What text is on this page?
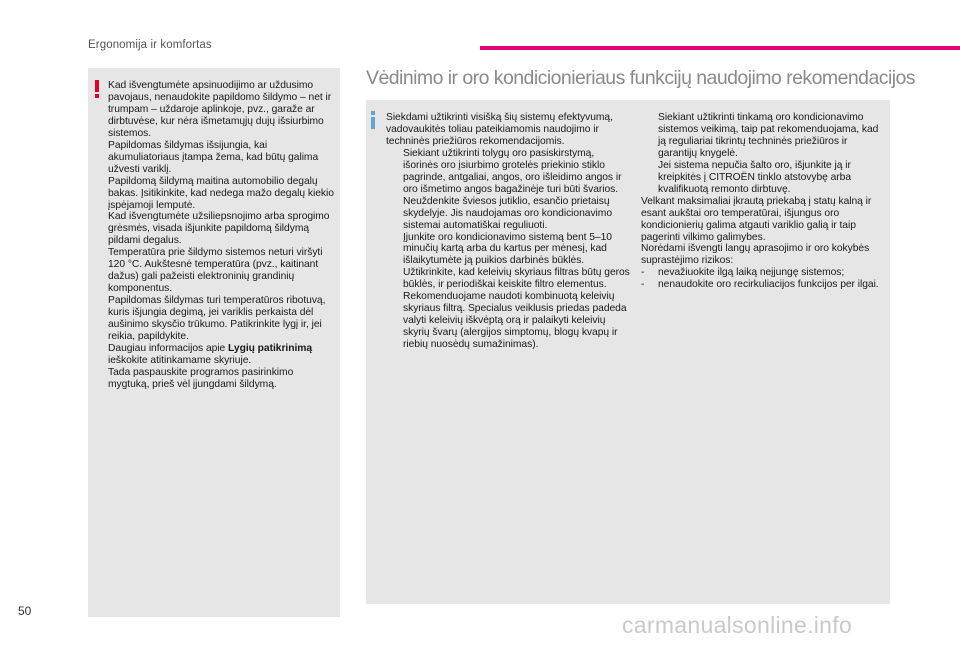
Ergonomija ir komfortas

Kad išvengtumėte apsinuodijimo ar uždusimo pavojaus, nenaudokite papildomo šildymo – net ir trumpam – uždaroje aplinkoje, pvz., garaže ar dirbtuvėse, kur nėra išmetamųjų dujų išsiurbimo sistemos.

Papildomas šildymas išsijungia, kai akumuliatoriaus įtampa žema, kad būtų galima užvesti variklį.

Papildomą šildymą maitina automobilio degalų bakas. Įsitikinkite, kad nedega mažo degalų kiekio įspėjamoji lemputė.

Kad išvengtumėte užsiliepsnojimo arba sprogimo grėsmės, visada išjunkite papildomą šildymą pildami degalus.

Temperatūra prie šildymo sistemos neturi viršyti 120 °C. Aukštesnė temperatūra (pvz., kaitinant dažus) gali pažeisti elektroninių grandinių komponentus.

Papildomas šildymas turi temperatūros ribotuvą, kuris išjungia degimą, jei variklis perkaista dėl aušinimo skysčio trūkumo. Patikrinkite lygį ir, jei reikia, papildykite.

Daugiau informacijos apie Lygių patikrinimą ieškokite atitinkamame skyriuje.

Tada paspauskite programos pasirinkimo mygtuką, prieš vėl įjungdami šildymą.

Vėdinimo ir oro kondicionieriaus funkcijų naudojimo rekomendacijos

Siekdami užtikrinti visišką šių sistemų efektyvumą, vadovaukitės toliau pateikiamomis naudojimo ir techninės priežiūros rekomendacijomis.

Siekiant užtikrinti tolygų oro pasiskirstymą, išorinės oro įsiurbimo grotelės priekinio stiklo pagrinde, antgaliai, angos, oro išleidimo angos ir oro išmetimo angos bagažinėje turi būti švarios.
Neuždenkite šviesos jutiklio, esančio prietaisų skydelyje. Jis naudojamas oro kondicionavimo sistemai automatiškai reguliuoti.
Įjunkite oro kondicionavimo sistemą bent 5–10 minučių kartą arba du kartus per mėnesį, kad išlaikytumėte ją puikios darbinės būklės.
Užtikrinkite, kad keleivių skyriaus filtras būtų geros būklės, ir periodiškai keiskite filtro elementus. Rekomenduojame naudoti kombinuotą keleivių skyriaus filtrą. Specialus veiklusis priedas padeda valyti keleivių iškvėptą orą ir palaikyti keleivių skyrių švarų (alergijos simptomų, blogų kvapų ir riebių nuosėdų sumažinimas).
Siekiant užtikrinti tinkamą oro kondicionavimo sistemos veikimą, taip pat rekomenduojama, kad ją reguliariai tikrintų techninės priežiūros ir garantijų knygelė.
Jei sistema nepučia šalto oro, išjunkite ją ir kreipkitės į CITROËN tinklo atstovybę arba kvalifikuotą remonto dirbtuvę.

Velkant maksimaliai įkrautą priekabą į statų kalną ir esant aukštai oro temperatūrai, išjungus oro kondicionierių galima atgauti variklio galią ir taip pagerinti vilkimo galimybes.

Norėdami išvengti langų aprasojimo ir oro kokybės suprastėjimo rizikos:

-	nevažiuokite ilgą laiką neįjungę sistemos;
-	nenaudokite oro recirkuliacijos funkcijos per ilgai.
50
carmanualsonline.info
